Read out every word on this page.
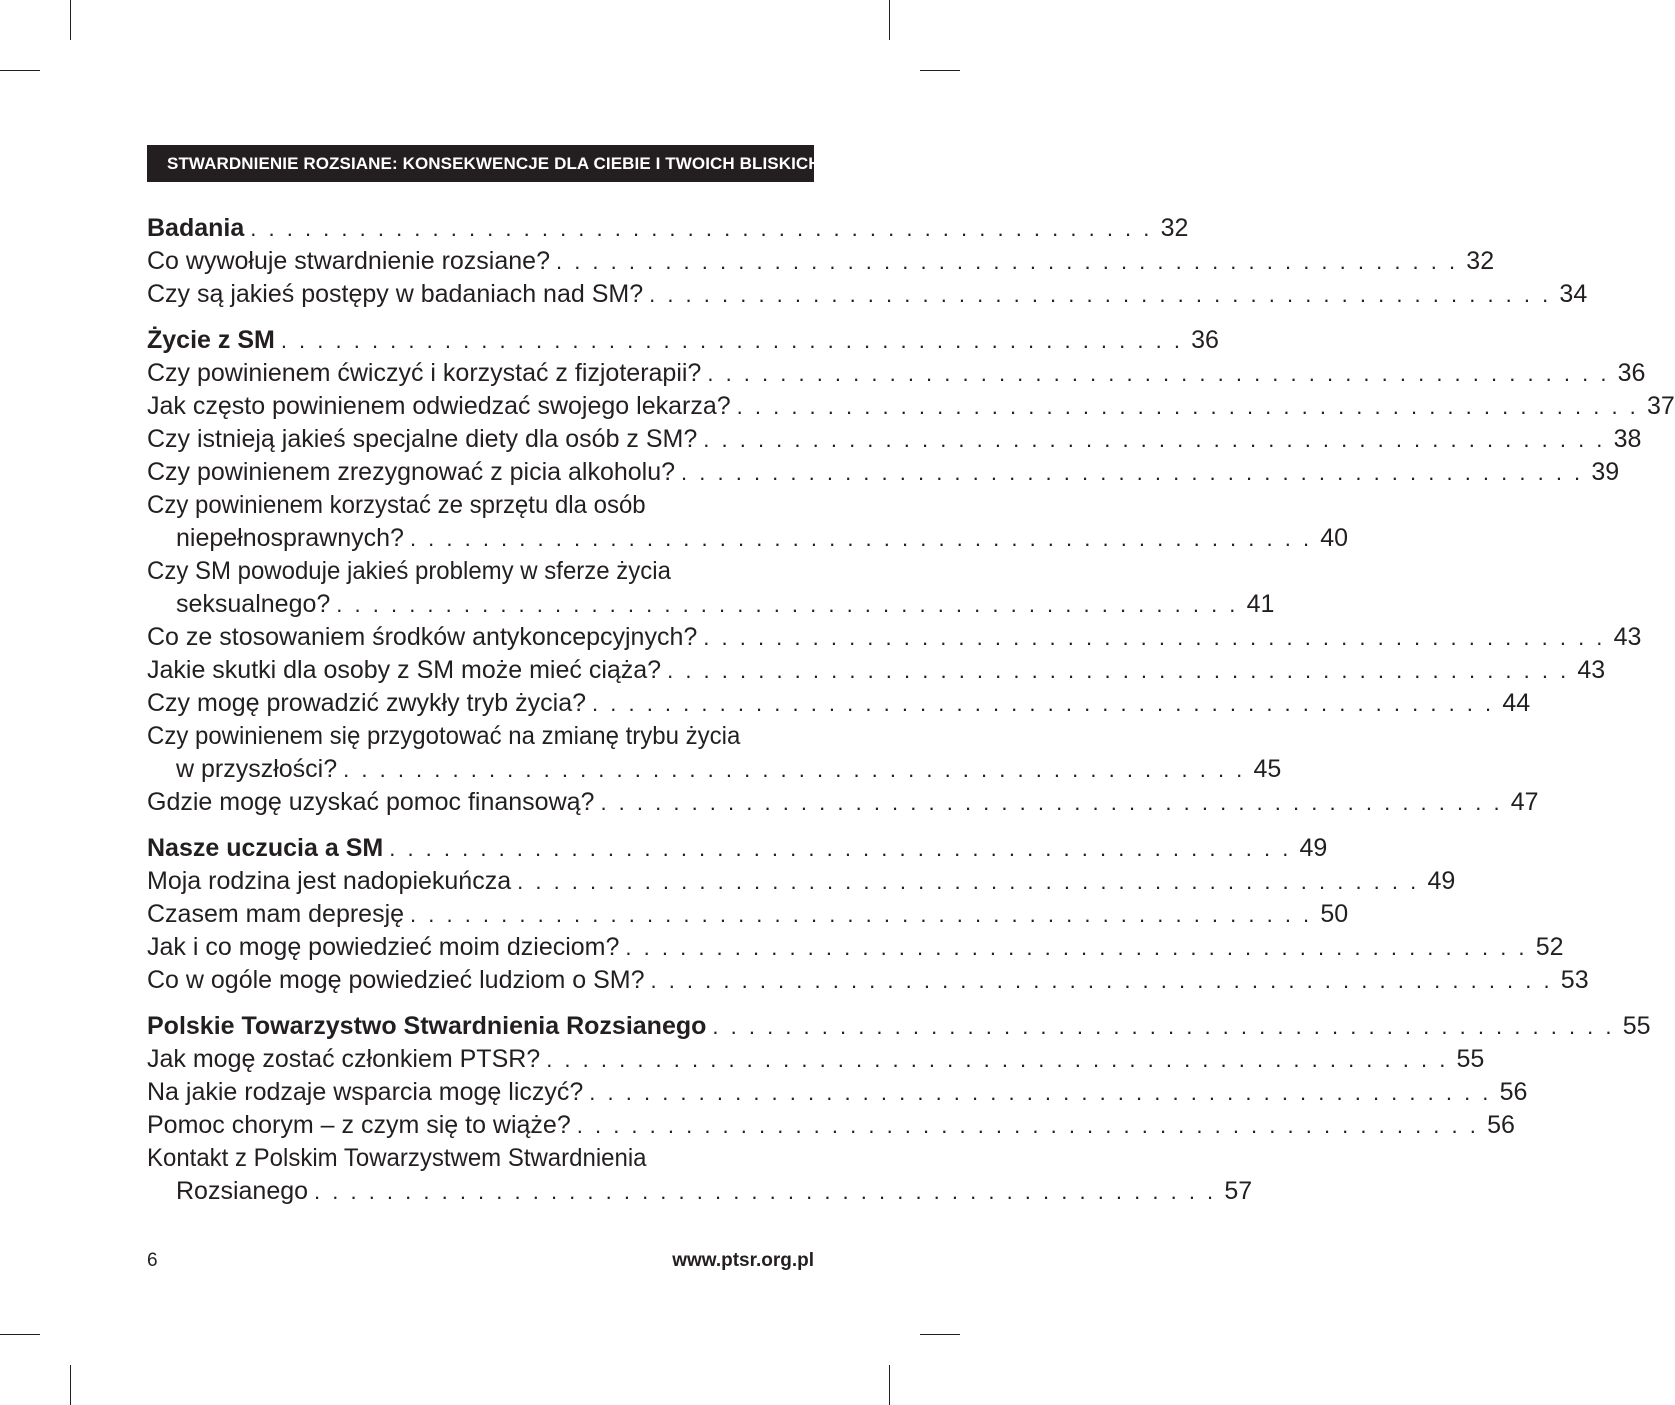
STWARDNIENIE ROZSIANE: KONSEKWENCJE DLA CIEBIE I TWOICH BLISKICH
Badania . . . . . . . . . . . . . . . . . . . . . . . . . . . . . . . . . . . . . . . . . . . . . . . . . . 32
Co wywołuje stwardnienie rozsiane? . . . . . . . . . . . . . . . . . . . . . . . . . . . . . . . . . . . . . . . . . . . . . . . . . . 32
Czy są jakieś postępy w badaniach nad SM? . . . . . . . . . . . . . . . . . . . . . . . . . . . . . . . . . . . . . . . . . . . . . . . . . . 34
Życie z SM . . . . . . . . . . . . . . . . . . . . . . . . . . . . . . . . . . . . . . . . . . . . . . . . . . 36
Czy powinienem ćwiczyć i korzystać z fizjoterapii? . . . . . . . . . . . . . . . . . . . . . . . . . . . . . . . . . . . . . . . . . . . . . . . . . . 36
Jak często powinienem odwiedzać swojego lekarza? . . . . . . . . . . . . . . . . . . . . . . . . . . . . . . . . . . . . . . . . . . . . . . . . . . 37
Czy istnieją jakieś specjalne diety dla osób z SM? . . . . . . . . . . . . . . . . . . . . . . . . . . . . . . . . . . . . . . . . . . . . . . . . . . 38
Czy powinienem zrezygnować z picia alkoholu? . . . . . . . . . . . . . . . . . . . . . . . . . . . . . . . . . . . . . . . . . . . . . . . . . . 39
Czy powinienem korzystać ze sprzętu dla osób
niepełnosprawnych? . . . . . . . . . . . . . . . . . . . . . . . . . . . . . . . . . . . . . . . . . . . . . . . . . . 40
Czy SM powoduje jakieś problemy w sferze życia
seksualnego? . . . . . . . . . . . . . . . . . . . . . . . . . . . . . . . . . . . . . . . . . . . . . . . . . . 41
Co ze stosowaniem środków antykoncepcyjnych? . . . . . . . . . . . . . . . . . . . . . . . . . . . . . . . . . . . . . . . . . . . . . . . . . . 43
Jakie skutki dla osoby z SM może mieć ciąża? . . . . . . . . . . . . . . . . . . . . . . . . . . . . . . . . . . . . . . . . . . . . . . . . . . 43
Czy mogę prowadzić zwykły tryb życia? . . . . . . . . . . . . . . . . . . . . . . . . . . . . . . . . . . . . . . . . . . . . . . . . . . 44
Czy powinienem się przygotować na zmianę trybu życia
w przyszłości? . . . . . . . . . . . . . . . . . . . . . . . . . . . . . . . . . . . . . . . . . . . . . . . . . . 45
Gdzie mogę uzyskać pomoc finansową? . . . . . . . . . . . . . . . . . . . . . . . . . . . . . . . . . . . . . . . . . . . . . . . . . . 47
Nasze uczucia a SM . . . . . . . . . . . . . . . . . . . . . . . . . . . . . . . . . . . . . . . . . . . . . . . . . . 49
Moja rodzina jest nadopiekuńcza . . . . . . . . . . . . . . . . . . . . . . . . . . . . . . . . . . . . . . . . . . . . . . . . . . 49
Czasem mam depresję . . . . . . . . . . . . . . . . . . . . . . . . . . . . . . . . . . . . . . . . . . . . . . . . . . 50
Jak i co mogę powiedzieć moim dzieciom? . . . . . . . . . . . . . . . . . . . . . . . . . . . . . . . . . . . . . . . . . . . . . . . . . . 52
Co w ogóle mogę powiedzieć ludziom o SM? . . . . . . . . . . . . . . . . . . . . . . . . . . . . . . . . . . . . . . . . . . . . . . . . . . 53
Polskie Towarzystwo Stwardnienia Rozsianego . . . . . . . . . . . . . . . . . . . . . . . . . . . . . . . . . . . . . . . . . . . . . . . . . . 55
Jak mogę zostać członkiem PTSR? . . . . . . . . . . . . . . . . . . . . . . . . . . . . . . . . . . . . . . . . . . . . . . . . . . 55
Na jakie rodzaje wsparcia mogę liczyć? . . . . . . . . . . . . . . . . . . . . . . . . . . . . . . . . . . . . . . . . . . . . . . . . . . 56
Pomoc chorym – z czym się to wiąże? . . . . . . . . . . . . . . . . . . . . . . . . . . . . . . . . . . . . . . . . . . . . . . . . . . 56
Kontakt z Polskim Towarzystwem Stwardnienia
Rozsianego . . . . . . . . . . . . . . . . . . . . . . . . . . . . . . . . . . . . . . . . . . . . . . . . . . 57
6	www.ptsr.org.pl
